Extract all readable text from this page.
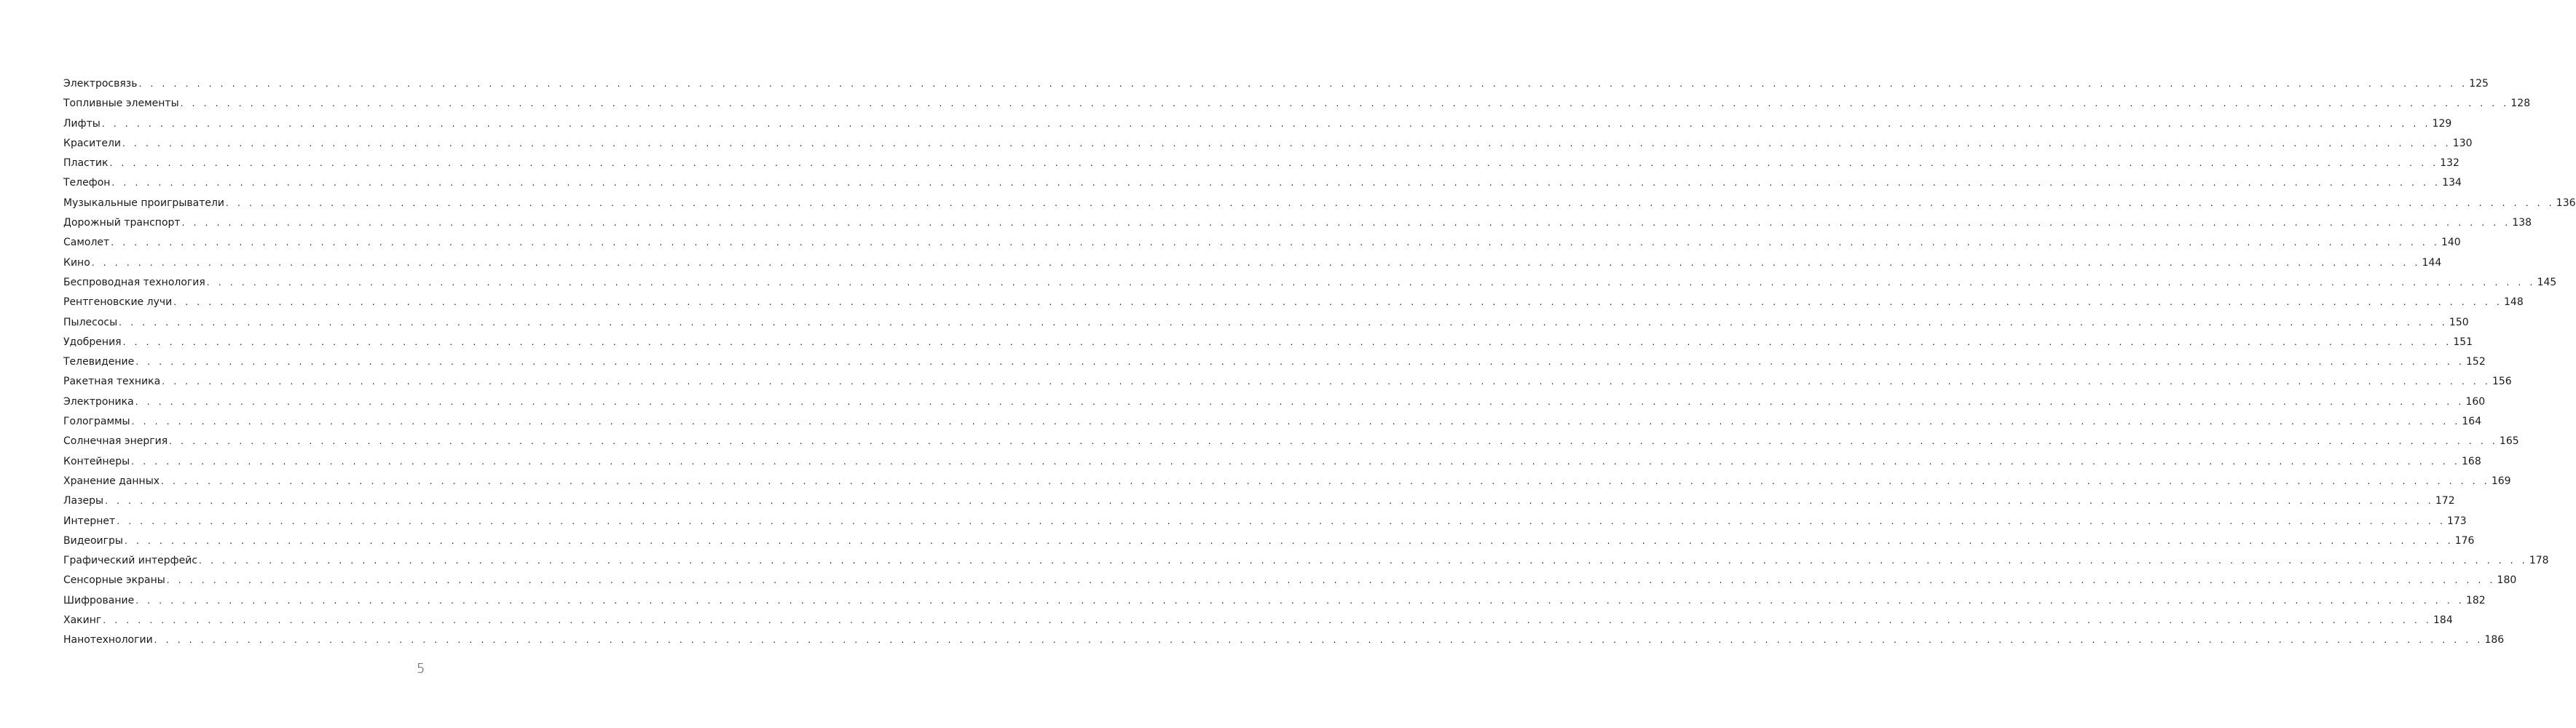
Электросвязь . . . . . . . . . . . . . . . . . . . . . . . . . . . . . . . . . . . . . . . . . . . . . . . . . . . . . . . . . . . . . . . . . . . . . . . . . . . . . . . . . . . . . . . . . . . . . . . . . . . . . . . . . . . . . . . . . . . . . . . . . . . . . . . . . . . . . . . . . . . . . . . . . . . . . . . . . . . . . . . . . . . . . . . . . . . . . . . . . . . . . . . . . . . . . . . . . . . . . . . . 125
Топливные элементы . . . . . . . . . . . . . . . . . . . . . . . . . . . . . . . . . . . . . . . . . . . . . . . . . . . . . . . . . . . . . . . . . . . . . . . . . . . . . . . . . . . . . . . . . . . . . . . . . . . . . . . . . . . . . . . . . . . . . . . . . . . . . . . . . . . . . . . . . . . . . . . . . . . . . . . . . . . . . . . . . . . . . . . . . . . . . . . . . . . . . . . . . . . . . . . . . . . . . . . . 128
Лифты . . . . . . . . . . . . . . . . . . . . . . . . . . . . . . . . . . . . . . . . . . . . . . . . . . . . . . . . . . . . . . . . . . . . . . . . . . . . . . . . . . . . . . . . . . . . . . . . . . . . . . . . . . . . . . . . . . . . . . . . . . . . . . . . . . . . . . . . . . . . . . . . . . . . . . . . . . . . . . . . . . . . . . . . . . . . . . . . . . . . . . . . . . . . . . . . . . . . . . . . 129
Красители . . . . . . . . . . . . . . . . . . . . . . . . . . . . . . . . . . . . . . . . . . . . . . . . . . . . . . . . . . . . . . . . . . . . . . . . . . . . . . . . . . . . . . . . . . . . . . . . . . . . . . . . . . . . . . . . . . . . . . . . . . . . . . . . . . . . . . . . . . . . . . . . . . . . . . . . . . . . . . . . . . . . . . . . . . . . . . . . . . . . . . . . . . . . . . . . . . . . . . . . 130
Пластик . . . . . . . . . . . . . . . . . . . . . . . . . . . . . . . . . . . . . . . . . . . . . . . . . . . . . . . . . . . . . . . . . . . . . . . . . . . . . . . . . . . . . . . . . . . . . . . . . . . . . . . . . . . . . . . . . . . . . . . . . . . . . . . . . . . . . . . . . . . . . . . . . . . . . . . . . . . . . . . . . . . . . . . . . . . . . . . . . . . . . . . . . . . . . . . . . . . . . . . . 132
Телефон . . . . . . . . . . . . . . . . . . . . . . . . . . . . . . . . . . . . . . . . . . . . . . . . . . . . . . . . . . . . . . . . . . . . . . . . . . . . . . . . . . . . . . . . . . . . . . . . . . . . . . . . . . . . . . . . . . . . . . . . . . . . . . . . . . . . . . . . . . . . . . . . . . . . . . . . . . . . . . . . . . . . . . . . . . . . . . . . . . . . . . . . . . . . . . . . . . . . . . . . 134
Музыкальные проигрыватели . . . . . . . . . . . . . . . . . . . . . . . . . . . . . . . . . . . . . . . . . . . . . . . . . . . . . . . . . . . . . . . . . . . . . . . . . . . . . . . . . . . . . . . . . . . . . . . . . . . . . . . . . . . . . . . . . . . . . . . . . . . . . . . . . . . . . . . . . . . . . . . . . . . . . . . . . . . . . . . . . . . . . . . . . . . . . . . . . . . . . . . . . . . . . . . . . . . . . . . . 136
Дорожный транспорт . . . . . . . . . . . . . . . . . . . . . . . . . . . . . . . . . . . . . . . . . . . . . . . . . . . . . . . . . . . . . . . . . . . . . . . . . . . . . . . . . . . . . . . . . . . . . . . . . . . . . . . . . . . . . . . . . . . . . . . . . . . . . . . . . . . . . . . . . . . . . . . . . . . . . . . . . . . . . . . . . . . . . . . . . . . . . . . . . . . . . . . . . . . . . . . . . . . . . . . . 138
Самолет . . . . . . . . . . . . . . . . . . . . . . . . . . . . . . . . . . . . . . . . . . . . . . . . . . . . . . . . . . . . . . . . . . . . . . . . . . . . . . . . . . . . . . . . . . . . . . . . . . . . . . . . . . . . . . . . . . . . . . . . . . . . . . . . . . . . . . . . . . . . . . . . . . . . . . . . . . . . . . . . . . . . . . . . . . . . . . . . . . . . . . . . . . . . . . . . . . . . . . . . 140
Кино . . . . . . . . . . . . . . . . . . . . . . . . . . . . . . . . . . . . . . . . . . . . . . . . . . . . . . . . . . . . . . . . . . . . . . . . . . . . . . . . . . . . . . . . . . . . . . . . . . . . . . . . . . . . . . . . . . . . . . . . . . . . . . . . . . . . . . . . . . . . . . . . . . . . . . . . . . . . . . . . . . . . . . . . . . . . . . . . . . . . . . . . . . . . . . . . . . . . . . . . 144
Беспроводная технология . . . . . . . . . . . . . . . . . . . . . . . . . . . . . . . . . . . . . . . . . . . . . . . . . . . . . . . . . . . . . . . . . . . . . . . . . . . . . . . . . . . . . . . . . . . . . . . . . . . . . . . . . . . . . . . . . . . . . . . . . . . . . . . . . . . . . . . . . . . . . . . . . . . . . . . . . . . . . . . . . . . . . . . . . . . . . . . . . . . . . . . . . . . . . . . . . . . . . . . . 145
Рентгеновские лучи . . . . . . . . . . . . . . . . . . . . . . . . . . . . . . . . . . . . . . . . . . . . . . . . . . . . . . . . . . . . . . . . . . . . . . . . . . . . . . . . . . . . . . . . . . . . . . . . . . . . . . . . . . . . . . . . . . . . . . . . . . . . . . . . . . . . . . . . . . . . . . . . . . . . . . . . . . . . . . . . . . . . . . . . . . . . . . . . . . . . . . . . . . . . . . . . . . . . . . . . 148
Пылесосы . . . . . . . . . . . . . . . . . . . . . . . . . . . . . . . . . . . . . . . . . . . . . . . . . . . . . . . . . . . . . . . . . . . . . . . . . . . . . . . . . . . . . . . . . . . . . . . . . . . . . . . . . . . . . . . . . . . . . . . . . . . . . . . . . . . . . . . . . . . . . . . . . . . . . . . . . . . . . . . . . . . . . . . . . . . . . . . . . . . . . . . . . . . . . . . . . . . . . . . . 150
Удобрения . . . . . . . . . . . . . . . . . . . . . . . . . . . . . . . . . . . . . . . . . . . . . . . . . . . . . . . . . . . . . . . . . . . . . . . . . . . . . . . . . . . . . . . . . . . . . . . . . . . . . . . . . . . . . . . . . . . . . . . . . . . . . . . . . . . . . . . . . . . . . . . . . . . . . . . . . . . . . . . . . . . . . . . . . . . . . . . . . . . . . . . . . . . . . . . . . . . . . . . . 151
Телевидение . . . . . . . . . . . . . . . . . . . . . . . . . . . . . . . . . . . . . . . . . . . . . . . . . . . . . . . . . . . . . . . . . . . . . . . . . . . . . . . . . . . . . . . . . . . . . . . . . . . . . . . . . . . . . . . . . . . . . . . . . . . . . . . . . . . . . . . . . . . . . . . . . . . . . . . . . . . . . . . . . . . . . . . . . . . . . . . . . . . . . . . . . . . . . . . . . . . . . . . . 152
Ракетная техника . . . . . . . . . . . . . . . . . . . . . . . . . . . . . . . . . . . . . . . . . . . . . . . . . . . . . . . . . . . . . . . . . . . . . . . . . . . . . . . . . . . . . . . . . . . . . . . . . . . . . . . . . . . . . . . . . . . . . . . . . . . . . . . . . . . . . . . . . . . . . . . . . . . . . . . . . . . . . . . . . . . . . . . . . . . . . . . . . . . . . . . . . . . . . . . . . . . . . . . . 156
Электроника . . . . . . . . . . . . . . . . . . . . . . . . . . . . . . . . . . . . . . . . . . . . . . . . . . . . . . . . . . . . . . . . . . . . . . . . . . . . . . . . . . . . . . . . . . . . . . . . . . . . . . . . . . . . . . . . . . . . . . . . . . . . . . . . . . . . . . . . . . . . . . . . . . . . . . . . . . . . . . . . . . . . . . . . . . . . . . . . . . . . . . . . . . . . . . . . . . . . . . . . 160
Голограммы . . . . . . . . . . . . . . . . . . . . . . . . . . . . . . . . . . . . . . . . . . . . . . . . . . . . . . . . . . . . . . . . . . . . . . . . . . . . . . . . . . . . . . . . . . . . . . . . . . . . . . . . . . . . . . . . . . . . . . . . . . . . . . . . . . . . . . . . . . . . . . . . . . . . . . . . . . . . . . . . . . . . . . . . . . . . . . . . . . . . . . . . . . . . . . . . . . . . . . . . 164
Солнечная энергия . . . . . . . . . . . . . . . . . . . . . . . . . . . . . . . . . . . . . . . . . . . . . . . . . . . . . . . . . . . . . . . . . . . . . . . . . . . . . . . . . . . . . . . . . . . . . . . . . . . . . . . . . . . . . . . . . . . . . . . . . . . . . . . . . . . . . . . . . . . . . . . . . . . . . . . . . . . . . . . . . . . . . . . . . . . . . . . . . . . . . . . . . . . . . . . . . . . . . . . . 165
Контейнеры . . . . . . . . . . . . . . . . . . . . . . . . . . . . . . . . . . . . . . . . . . . . . . . . . . . . . . . . . . . . . . . . . . . . . . . . . . . . . . . . . . . . . . . . . . . . . . . . . . . . . . . . . . . . . . . . . . . . . . . . . . . . . . . . . . . . . . . . . . . . . . . . . . . . . . . . . . . . . . . . . . . . . . . . . . . . . . . . . . . . . . . . . . . . . . . . . . . . . . . . 168
Хранение данных . . . . . . . . . . . . . . . . . . . . . . . . . . . . . . . . . . . . . . . . . . . . . . . . . . . . . . . . . . . . . . . . . . . . . . . . . . . . . . . . . . . . . . . . . . . . . . . . . . . . . . . . . . . . . . . . . . . . . . . . . . . . . . . . . . . . . . . . . . . . . . . . . . . . . . . . . . . . . . . . . . . . . . . . . . . . . . . . . . . . . . . . . . . . . . . . . . . . . . . . 169
Лазеры . . . . . . . . . . . . . . . . . . . . . . . . . . . . . . . . . . . . . . . . . . . . . . . . . . . . . . . . . . . . . . . . . . . . . . . . . . . . . . . . . . . . . . . . . . . . . . . . . . . . . . . . . . . . . . . . . . . . . . . . . . . . . . . . . . . . . . . . . . . . . . . . . . . . . . . . . . . . . . . . . . . . . . . . . . . . . . . . . . . . . . . . . . . . . . . . . . . . . . . . 172
Интернет . . . . . . . . . . . . . . . . . . . . . . . . . . . . . . . . . . . . . . . . . . . . . . . . . . . . . . . . . . . . . . . . . . . . . . . . . . . . . . . . . . . . . . . . . . . . . . . . . . . . . . . . . . . . . . . . . . . . . . . . . . . . . . . . . . . . . . . . . . . . . . . . . . . . . . . . . . . . . . . . . . . . . . . . . . . . . . . . . . . . . . . . . . . . . . . . . . . . . . . . 173
Видеоигры . . . . . . . . . . . . . . . . . . . . . . . . . . . . . . . . . . . . . . . . . . . . . . . . . . . . . . . . . . . . . . . . . . . . . . . . . . . . . . . . . . . . . . . . . . . . . . . . . . . . . . . . . . . . . . . . . . . . . . . . . . . . . . . . . . . . . . . . . . . . . . . . . . . . . . . . . . . . . . . . . . . . . . . . . . . . . . . . . . . . . . . . . . . . . . . . . . . . . . . . 176
Графический интерфейс . . . . . . . . . . . . . . . . . . . . . . . . . . . . . . . . . . . . . . . . . . . . . . . . . . . . . . . . . . . . . . . . . . . . . . . . . . . . . . . . . . . . . . . . . . . . . . . . . . . . . . . . . . . . . . . . . . . . . . . . . . . . . . . . . . . . . . . . . . . . . . . . . . . . . . . . . . . . . . . . . . . . . . . . . . . . . . . . . . . . . . . . . . . . . . . . . . . . . . . . 178
Сенсорные экраны . . . . . . . . . . . . . . . . . . . . . . . . . . . . . . . . . . . . . . . . . . . . . . . . . . . . . . . . . . . . . . . . . . . . . . . . . . . . . . . . . . . . . . . . . . . . . . . . . . . . . . . . . . . . . . . . . . . . . . . . . . . . . . . . . . . . . . . . . . . . . . . . . . . . . . . . . . . . . . . . . . . . . . . . . . . . . . . . . . . . . . . . . . . . . . . . . . . . . . . . 180
Шифрование . . . . . . . . . . . . . . . . . . . . . . . . . . . . . . . . . . . . . . . . . . . . . . . . . . . . . . . . . . . . . . . . . . . . . . . . . . . . . . . . . . . . . . . . . . . . . . . . . . . . . . . . . . . . . . . . . . . . . . . . . . . . . . . . . . . . . . . . . . . . . . . . . . . . . . . . . . . . . . . . . . . . . . . . . . . . . . . . . . . . . . . . . . . . . . . . . . . . . . . . 182
Хакинг . . . . . . . . . . . . . . . . . . . . . . . . . . . . . . . . . . . . . . . . . . . . . . . . . . . . . . . . . . . . . . . . . . . . . . . . . . . . . . . . . . . . . . . . . . . . . . . . . . . . . . . . . . . . . . . . . . . . . . . . . . . . . . . . . . . . . . . . . . . . . . . . . . . . . . . . . . . . . . . . . . . . . . . . . . . . . . . . . . . . . . . . . . . . . . . . . . . . . . . . 184
Нанотехнологии . . . . . . . . . . . . . . . . . . . . . . . . . . . . . . . . . . . . . . . . . . . . . . . . . . . . . . . . . . . . . . . . . . . . . . . . . . . . . . . . . . . . . . . . . . . . . . . . . . . . . . . . . . . . . . . . . . . . . . . . . . . . . . . . . . . . . . . . . . . . . . . . . . . . . . . . . . . . . . . . . . . . . . . . . . . . . . . . . . . . . . . . . . . . . . . . . . . . . . . . 186
5
